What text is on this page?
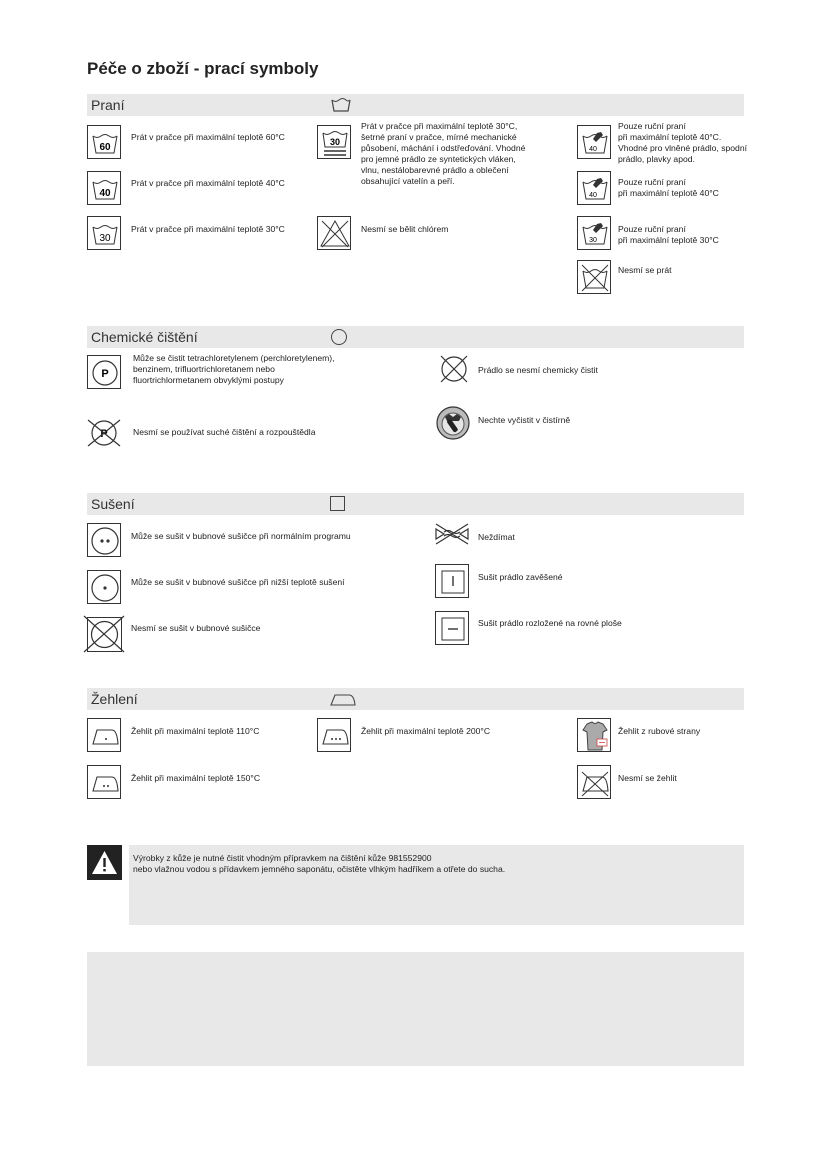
Péče o zboží - prací symboly
Praní
60
Prát v pračce při maximální teplotě 60°C
40
Prát v pračce při maximální teplotě 40°C
30
Prát v pračce při maximální teplotě 30°C
30
Prát v pračce při maximální teplotě 30°C,
šetrné praní v pračce, mírné mechanické
působení, máchání i odstřeďování. Vhodné
pro jemné prádlo ze syntetických vláken,
vlnu, nestálobarevné prádlo a oblečení
obsahující vatelín a peří.
Nesmí se bělit chlórem
40
Pouze ruční praní
při maximální teplotě 40°C.
Vhodné pro vlněné prádlo, spodní
prádlo, plavky apod.
40
Pouze ruční praní
při maximální teplotě 40°C
30
Pouze ruční praní
při maximální teplotě 30°C
Nesmí se prát
Chemické čištění
P
Může se čistit tetrachloretylenem (perchloretylenem),
benzinem, trifluortrichloretanem nebo
fluortrichlormetanem obvyklými postupy
Prádlo se nesmí chemicky čistit
P	Nesmí se používat suché čištění a rozpouštědla
Nechte vyčistit v čistírně
Sušení
Může se sušit v bubnové sušičce při normálním programu
Může se sušit v bubnové sušičce při nižší teplotě sušení
Nesmí se sušit v bubnové sušičce
Neždímat
Sušit prádlo zavěšené
Sušit prádlo rozložené na rovné ploše
Žehlení
Žehlit při maximální teplotě 110°C
Žehlit při maximální teplotě 150°C
Žehlit při maximální teplotě 200°C	Žehlit z rubové strany
Nesmí se žehlit
Výrobky z kůže je nutné čistit vhodným přípravkem na čištění kůže 981552900
nebo vlažnou vodou s přídavkem jemného saponátu, očistěte vlhkým hadříkem a otřete do sucha.
